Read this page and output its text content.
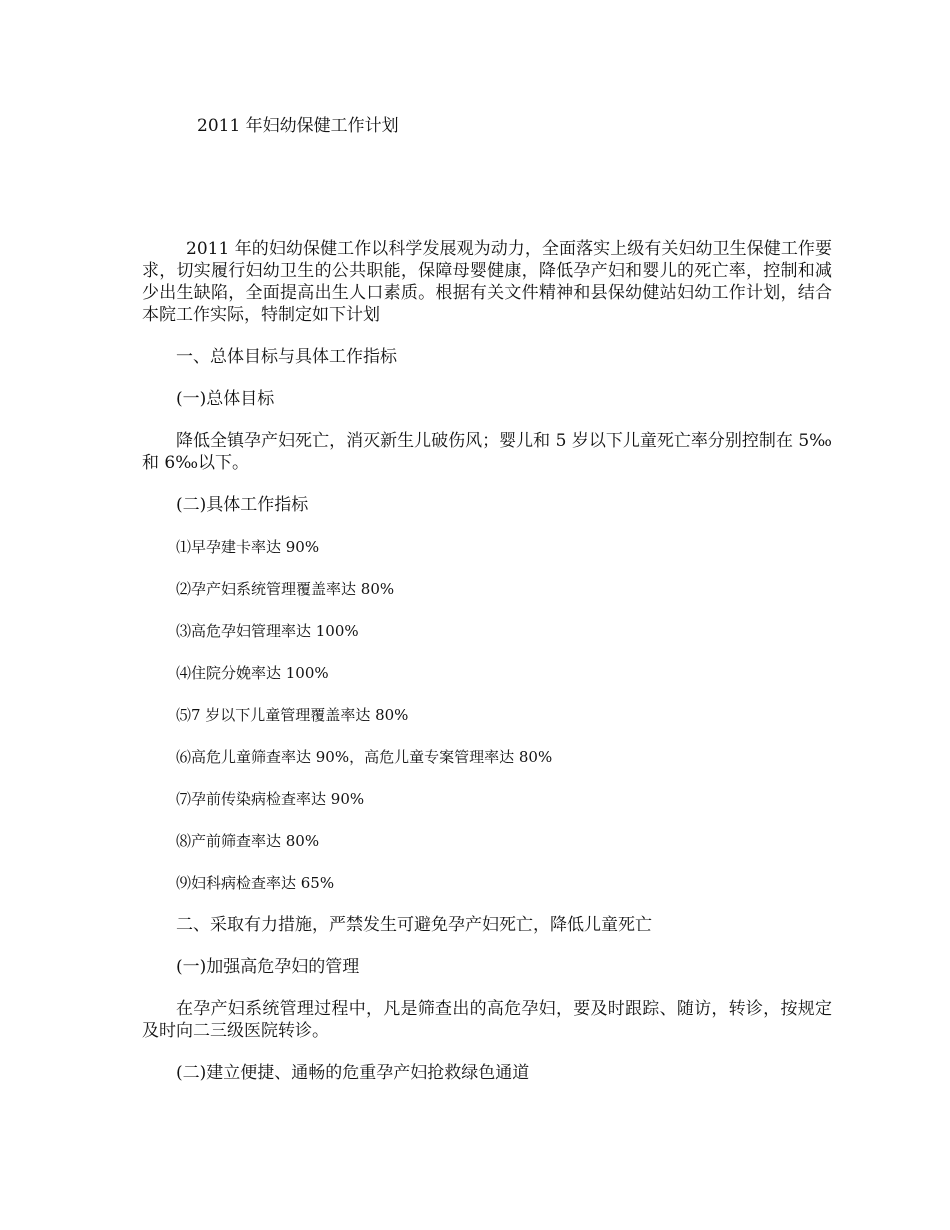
2011 年妇幼保健工作计划

2011 年的妇幼保健工作以科学发展观为动力，全面落实上级有关妇幼卫生保健工作要求，切实履行妇幼卫生的公共职能，保障母婴健康，降低孕产妇和婴儿的死亡率，控制和减少出生缺陷，全面提高出生人口素质。根据有关文件精神和县保幼健站妇幼工作计划，结合本院工作实际，特制定如下计划

一、总体目标与具体工作指标

(一)总体目标

降低全镇孕产妇死亡，消灭新生儿破伤风；婴儿和 5 岁以下儿童死亡率分别控制在 5‰和 6‰以下。

(二)具体工作指标

⑴早孕建卡率达 90%

⑵孕产妇系统管理覆盖率达 80%

⑶高危孕妇管理率达 100%

⑷住院分娩率达 100%

⑸7 岁以下儿童管理覆盖率达 80%

⑹高危儿童筛查率达 90%，高危儿童专案管理率达 80%

⑺孕前传染病检查率达 90%

⑻产前筛查率达 80%

⑼妇科病检查率达 65%

二、采取有力措施，严禁发生可避免孕产妇死亡，降低儿童死亡

(一)加强高危孕妇的管理

在孕产妇系统管理过程中，凡是筛查出的高危孕妇，要及时跟踪、随访，转诊，按规定及时向二三级医院转诊。

(二)建立便捷、通畅的危重孕产妇抢救绿色通道
